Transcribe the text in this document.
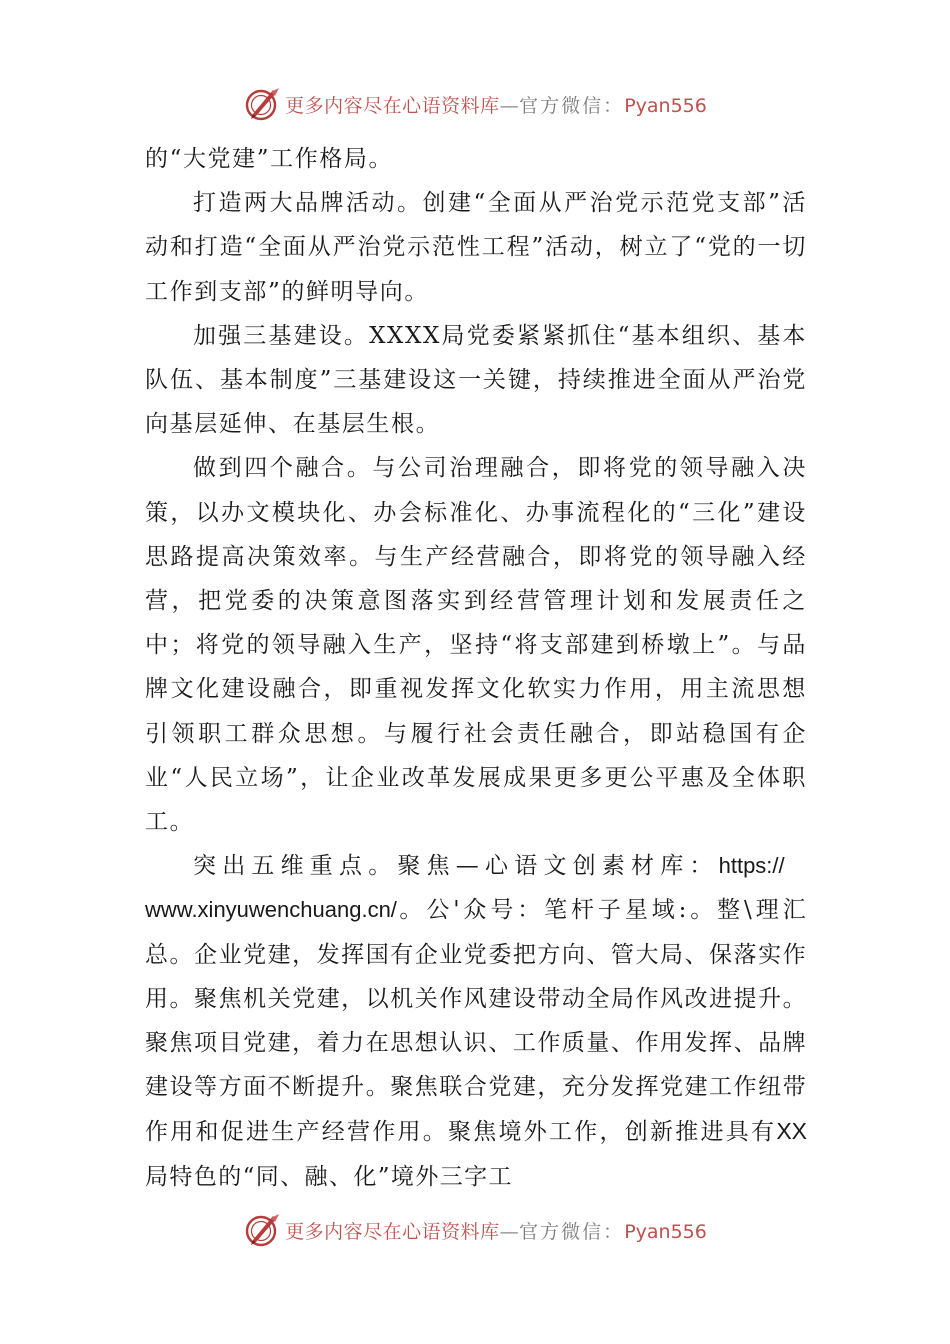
更多内容尽在心语资料库—官方微信：Pyan556

的“大党建”工作格局。

打造两大品牌活动。创建“全面从严治党示范党支部”活动和打造“全面从严治党示范性工程”活动，树立了“党的一切工作到支部”的鲜明导向。

加强三基建设。XXXX局党委紧紧抓住“基本组织、基本队伍、基本制度”三基建设这一关键，持续推进全面从严治党向基层延伸、在基层生根。

做到四个融合。与公司治理融合，即将党的领导融入决策，以办文模块化、办会标准化、办事流程化的“三化”建设思路提高决策效率。与生产经营融合，即将党的领导融入经营，把党委的决策意图落实到经营管理计划和发展责任之中；将党的领导融入生产，坚持“将支部建到桥墩上”。与品牌文化建设融合，即重视发挥文化软实力作用，用主流思想引领职工群众思想。与履行社会责任融合，即站稳国有企业“人民立场”，让企业改革发展成果更多更公平惠及全体职工。

突出五维重点。聚焦—心语文创素材库：https://
www.xinyuwenchuang.cn/。公'众号：笔杆子星域:。整\理汇总。企业党建，发挥国有企业党委把方向、管大局、保落实作用。聚焦机关党建，以机关作风建设带动全局作风改进提升。聚焦项目党建，着力在思想认识、工作质量、作用发挥、品牌建设等方面不断提升。聚焦联合党建，充分发挥党建工作纽带作用和促进生产经营作用。聚焦境外工作，创新推进具有XX局特色的“同、融、化”境外三字工

更多内容尽在心语资料库—官方微信：Pyan556
